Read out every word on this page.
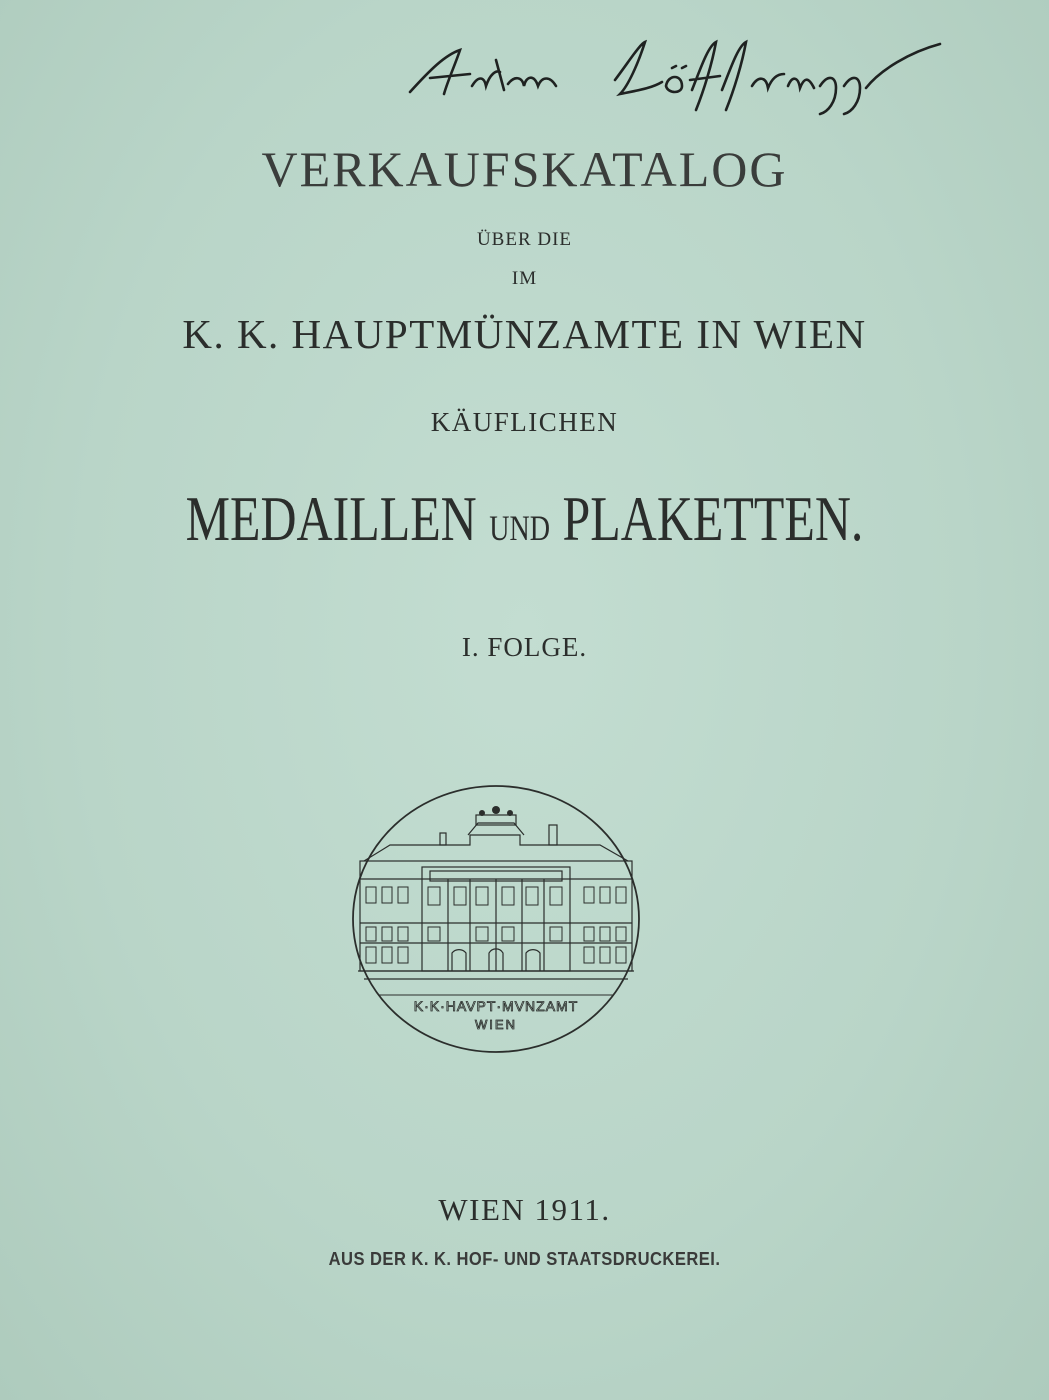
VERKAUFSKATALOG
ÜBER DIE
IM
K. K. HAUPTMÜNZAMTE IN WIEN
KÄUFLICHEN
MEDAILLEN UND PLAKETTEN.
I. FOLGE.
K·K·HAVPT·MVNZAMT
WIEN
WIEN 1911.
AUS DER K. K. HOF- UND STAATSDRUCKEREI.
